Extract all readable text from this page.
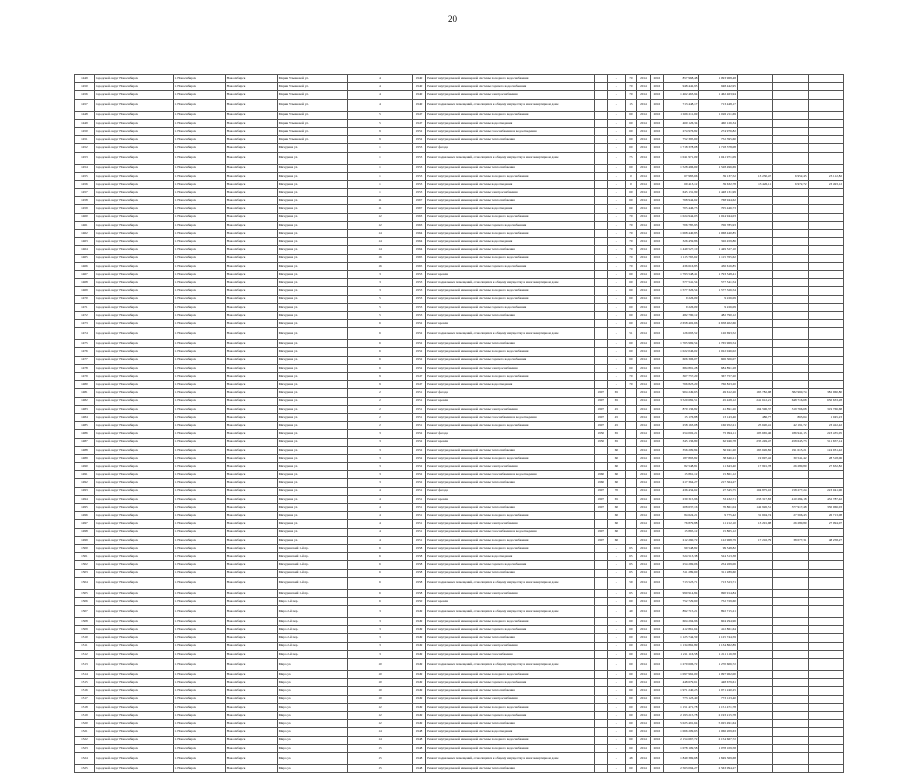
20
1449	городской округ Новосибирск	г. Новосибирск	Новосибирск	Марии Ульяновой ул.	4	1940	Ремонт внутридомовой инженерной системы холодного водоснабжения		-	70	2014	2016	857 968,48	1 093 968,48			
1450	городской округ Новосибирск	г. Новосибирск	Новосибирск	Марии Ульяновой ул.	4	1940	Ремонт внутридомовой инженерной системы горячего водоснабжения		-	70	2014	2016	948 442,95	948 442,95			
1456	городской округ Новосибирск	г. Новосибирск	Новосибирск	Марии Ульяновой ул.	4	1940	Ремонт внутридомовой инженерной системы электроснабжения		-	70	2014	2016	1 462 463,94	1 462 463,94			
1457	городской округ Новосибирск	г. Новосибирск	Новосибирск	Марии Ульяновой ул.	4	1940	Ремонт подвальных помещений, относящихся к общему имуществу в многоквартирном доме		-	15	2014	2016	713 448,17	713 448,17			
1448	городской округ Новосибирск	г. Новосибирск	Новосибирск	Марии Ульяновой ул.	5	1947	Ремонт внутридомовой инженерной системы холодного водоснабжения		-	60	2014	2016	1 026 211,69	1 026 211,69			
1449	городской округ Новосибирск	г. Новосибирск	Новосибирск	Марии Ульяновой ул.	5	1947	Ремонт внутридомовой инженерной системы водоотведения		-	60	2014	2016	460 126,34	460 126,34			
1450	городской округ Новосибирск	г. Новосибирск	Новосибирск	Марии Ульяновой ул.	9	1952	Ремонт внутридомовой инженерной системы газоснабжения и водоотведения		-	60	2014	2016	274 976,82	274 976,82			
1451	городской округ Новосибирск	г. Новосибирск	Новосибирск	Марии Ульяновой ул.	9	1952	Ремонт внутридомовой инженерной системы теплоснабжения		-	60	2014	2016	752 395,60	752 395,60			
1452	городской округ Новосибирск	г. Новосибирск	Новосибирск	Мичурина ул.	1	1953	Ремонт фасада		-	60	2014	2016	1 718 378,08	1 718 378,08			
1453	городской округ Новосибирск	г. Новосибирск	Новосибирск	Мичурина ул.	1	1953	Ремонт подвальных помещений, относящихся к общему имуществу в многоквартирном доме		-	75	2014	2016	1 041 971,09	1 041 971,09			
1454	городской округ Новосибирск	г. Новосибирск	Новосибирск	Мичурина ул.	1	1953	Ремонт внутридомовой инженерной системы теплоснабжения		-	60	2014	2016	1 528 496,69	1 528 496,69			
1455	городской округ Новосибирск	г. Новосибирск	Новосибирск	Мичурина ул.	1	1953	Ремонт внутридомовой инженерной системы холодного водоснабжения		-	0	2014	2016	67 983,66	39 137,52	13 230,47	6 952,45	23 112,82
1456	городской округ Новосибирск	г. Новосибирск	Новосибирск	Мичурина ул.	1	1953	Ремонт внутридомовой инженерной системы водоотведения		-	0	2014	2016	69 413,12	39 632,78	13 426,11	6 972,72	23 493,12
1457	городской округ Новосибирск	г. Новосибирск	Новосибирск	Мичурина ул.	1	1953	Ремонт внутридомовой инженерной системы электроснабжения		-	60	2014	2016	645 131,99	1 448 131,99			
1458	городской округ Новосибирск	г. Новосибирск	Новосибирск	Мичурина ул.	11	1967	Ремонт внутридомовой инженерной системы теплоснабжения		-	60	2014	2016	768 944,62	768 944,62			
1459	городской округ Новосибирск	г. Новосибирск	Новосибирск	Мичурина ул.	11	1967	Ремонт внутридомовой инженерной системы водоотведения		-	60	2014	2016	705 446,73	705 446,73			
1460	городской округ Новосибирск	г. Новосибирск	Новосибирск	Мичурина ул.	12	1963	Ремонт внутридомовой инженерной системы холодного водоснабжения		-	70	2014	2016	1 024 944,03	1 024 944,03			
1461	городской округ Новосибирск	г. Новосибирск	Новосибирск	Мичурина ул.	12	1963	Ремонт внутридомовой инженерной системы горячего водоснабжения		-	70	2014	2016	706 785,93	706 785,93			
1462	городской округ Новосибирск	г. Новосибирск	Новосибирск	Мичурина ул.	14	1964	Ремонт внутридомовой инженерной системы холодного водоснабжения		-	70	2014	2016	1 068 440,85	1 068 440,85			
1463	городской округ Новосибирск	г. Новосибирск	Новосибирск	Мичурина ул.	14	1964	Ремонт внутридомовой инженерной системы водоотведения		-	70	2014	2016	326 459,86	326 459,86			
1464	городской округ Новосибирск	г. Новосибирск	Новосибирск	Мичурина ул.	14	1964	Ремонт внутридомовой инженерной системы теплоснабжения		-	70	2014	2016	1 449 527,10	1 449 527,10			
1465	городской округ Новосибирск	г. Новосибирск	Новосибирск	Мичурина ул.	16	1965	Ремонт внутридомовой инженерной системы холодного водоснабжения		-	70	2014	2016	1 115 765,62	1 115 765,62			
1466	городской округ Новосибирск	г. Новосибирск	Новосибирск	Мичурина ул.	16	1965	Ремонт внутридомовой инженерной системы горячего водоснабжения		-	70	2014	2016	436 616,85	436 616,85			
1467	городской округ Новосибирск	г. Новосибирск	Новосибирск	Мичурина ул.	3	1953	Ремонт кровли		-	60	2014	2016	1 793 548,41	1 793 548,41			
1468	городской округ Новосибирск	г. Новосибирск	Новосибирск	Мичурина ул.	3	1953	Ремонт подвальных помещений, относящихся к общему имуществу в многоквартирном доме		-	60	2014	2016	577 541,54	577 541,54			
1469	городской округ Новосибирск	г. Новосибирск	Новосибирск	Мичурина ул.	3	1953	Ремонт внутридомовой инженерной системы холодного водоснабжения		-	60	2014	2016	1 577 326,54	1 577 326,54			
1470	городской округ Новосибирск	г. Новосибирск	Новосибирск	Мичурина ул.	5	1953	Ремонт внутридомовой инженерной системы холодного водоснабжения		-	60	2014	2016	9 226,09	9 226,09			
1471	городской округ Новосибирск	г. Новосибирск	Новосибирск	Мичурина ул.	5	1953	Ремонт внутридомовой инженерной системы горячего водоснабжения		-	60	2014	2016	9 226,09	9 226,09			
1472	городской округ Новосибирск	г. Новосибирск	Новосибирск	Мичурина ул.	5	1953	Ремонт внутридомовой инженерной системы теплоснабжения		-	60	2014	2016	482 790,12	482 790,12			
1473	городской округ Новосибирск	г. Новосибирск	Новосибирск	Мичурина ул.	6	1952	Ремонт кровли		-	60	2014	2016	2 658 402,66	2 658 402,66			
1474	городской округ Новосибирск	г. Новосибирск	Новосибирск	Мичурина ул.	6	1952	Ремонт подвальных помещений, относящихся к общему имуществу в многоквартирном доме		-	51	2014	2016	126 693,52	126 693,52			
1475	городской округ Новосибирск	г. Новосибирск	Новосибирск	Мичурина ул.	6	1952	Ремонт внутридомовой инженерной системы теплоснабжения		-	60	2014	2016	1 765 969,54	1 765 969,54			
1476	городской округ Новосибирск	г. Новосибирск	Новосибирск	Мичурина ул.	6	1952	Ремонт внутридомовой инженерной системы холодного водоснабжения		-	60	2014	2016	1 022 046,02	1 022 046,02			
1477	городской округ Новосибирск	г. Новосибирск	Новосибирск	Мичурина ул.	6	1952	Ремонт внутридомовой инженерной системы горячего водоснабжения		-	60	2014	2016	606 306,07	606 306,07			
1478	городской округ Новосибирск	г. Новосибирск	Новосибирск	Мичурина ул.	6	1952	Ремонт внутридомовой инженерной системы электроснабжения		-	60	2014	2016	684 891,28	684 891,28			
1479	городской округ Новосибирск	г. Новосибирск	Новосибирск	Мичурина ул.	9	1947	Ремонт внутридомовой инженерной системы холодного водоснабжения		-	70	2014	2016	367 757,20	367 757,20			
1480	городской округ Новосибирск	г. Новосибирск	Новосибирск	Мичурина ул.	9	1947	Ремонт внутридомовой инженерной системы водоотведения		-	70	2014	2016	766 823,20	766 823,20			
1481	городской округ Новосибирск	г. Новосибирск	Новосибирск	Мичурина ул.	2	1951	Ремонт фасада	1907	65		2014	2016	904 249,63	49 612,26	165 782,98	382 960,74	382 960,80
1482	городской округ Новосибирск	г. Новосибирск	Новосибирск	Мичурина ул.	2	1951	Ремонт кровли	1907	65		2014	2016	3 520 682,51	45 428,12	241 612,21	648 716,68	650 633,28
1483	городской округ Новосибирск	г. Новосибирск	Новосибирск	Мичурина ул.	2	1951	Ремонт внутридомовой инженерной системы электроснабжения	1907	45		2014	2016	870 136,82	41 891,26	194 596,37	319 766,68	319 766,68
1484	городской округ Новосибирск	г. Новосибирск	Новосибирск	Мичурина ул.	2	1951	Ремонт внутридомовой инженерной системы газоснабжения и водоотведения	1907	45		2014	2016	15 176,88	13 143,46	486,77	863,64	1 045,23
1485	городской округ Новосибирск	г. Новосибирск	Новосибирск	Мичурина ул.	2	1951	Ремонт внутридомовой инженерной системы холодного водоснабжения	1907	45		2014	2016	258 163,08	166 952,21	25 620,41	42 191,72	23 422,42
1486	городской округ Новосибирск	г. Новосибирск	Новосибирск	Мичурина ул.	3	1952	Ремонт фасада	1950	65		2014	2016	254 002,21	75 994,11	105 665,46	186 941,15	223 435,05
1487	городской округ Новосибирск	г. Новосибирск	Новосибирск	Мичурина ул.	3	1952	Ремонт кровли	1950	65		2014	2016	345 136,80	62 946,78	235 249,47	458 645,73	511 657,14
1488	городской округ Новосибирск	г. Новосибирск	Новосибирск	Мичурина ул.	3	1952	Ремонт внутридомовой инженерной системы теплоснабжения		60		2014	2016	356 209,84	56 041,20	165 626,82	191 615,21	124 931,42
1489	городской округ Новосибирск	г. Новосибирск	Новосибирск	Мичурина ул.	3	1952	Ремонт внутридомовой инженерной системы холодного водоснабжения		60		2014	2016	187 893,82	38 646,21	19 697,42	30 541,42	28 518,06
1490	городской округ Новосибирск	г. Новосибирск	Новосибирск	Мичурина ул.	3	1952	Ремонт внутридомовой инженерной системы электроснабжения		60		2014	2016	82 548,81	11 643,40	17 991,78	26 280,80	27 632,82
1491	городской округ Новосибирск	г. Новосибирск	Новосибирск	Мичурина ул.	3	1952	Ремонт внутридомовой инженерной системы газоснабжения и водоотведения	1960	60		2014	2016	15 861,12	15 861,12			
1492	городской округ Новосибирск	г. Новосибирск	Новосибирск	Мичурина ул.	3	1952	Ремонт внутридомовой инженерной системы теплоснабжения	1960	60		2014	2016	217 364,27	217 364,27			
1493	городской округ Новосибирск	г. Новосибирск	Новосибирск	Мичурина ул.	4	1951	Ремонт фасада	1907	70		2014	2016	436 434,62	27 345,75	104 875,10	158 277,24	223 041,96
1494	городской округ Новосибирск	г. Новосибирск	Новосибирск	Мичурина ул.	4	1951	Ремонт кровли	1907	65		2014	2016	230 315,96	53 432,71	233 317,83	410 284,18	432 787,42
1495	городской округ Новосибирск	г. Новосибирск	Новосибирск	Мичурина ул.	4	1951	Ремонт внутридомовой инженерной системы теплоснабжения	1907	60		2014	2016	208 637,16	76 861,04	142 926,51	377 917,48	330 066,03
1496	городской округ Новосибирск	г. Новосибирск	Новосибирск	Мичурина ул.	4	1951	Ремонт внутридомовой инженерной системы холодного водоснабжения		60		2014	2016	84 624,21	9 775,42	31 604,74	27 566,43	26 713,08
1497	городской округ Новосибирск	г. Новосибирск	Новосибирск	Мичурина ул.	4	1951	Ремонт внутридомовой инженерной системы электроснабжения		60		2014	2016	76 879,88	11 212,10	13 291,98	26 280,80	27 094,07
1498	городской округ Новосибирск	г. Новосибирск	Новосибирск	Мичурина ул.	4	1951	Ремонт внутридомовой инженерной системы газоснабжения и водоотведения	1907	60		2014	2016	15 865,12	15 865,12			
1499	городской округ Новосибирск	г. Новосибирск	Новосибирск	Мичурина ул.	4	1951	Ремонт внутридомовой инженерной системы холодного водоснабжения	1907	60		2014	2016	212 260,72	122 968,79	17 216,79	38 077,31	48 258,27
1500	городской округ Новосибирск	г. Новосибирск	Новосибирск	Мичуринский 1-й пр.	6	1958	Ремонт внутридомовой инженерной системы холодного водоснабжения		-	65	2014	2016	99 548,82	99 548,82			
1501	городской округ Новосибирск	г. Новосибирск	Новосибирск	Мичуринский 1-й пр.	6	1958	Ремонт внутридомовой инженерной системы водоотведения		-	65	2014	2016	524 513,38	524 513,38			
1502	городской округ Новосибирск	г. Новосибирск	Новосибирск	Мичуринский 1-й пр.	6	1958	Ремонт внутридомовой инженерной системы горячего водоснабжения		-	65	2014	2016	254 269,06	254 269,06			
1503	городской округ Новосибирск	г. Новосибирск	Новосибирск	Мичуринский 1-й пр.	6	1958	Ремонт внутридомовой инженерной системы теплоснабжения		-	65	2014	2016	311 289,60	311 289,60			
1504	городской округ Новосибирск	г. Новосибирск	Новосибирск	Мичуринский 1-й пр.	6	1958	Ремонт подвальных помещений, относящихся к общему имуществу в многоквартирном доме		-	59	2014	2016	713 523,71	713 523,71			
1505	городской округ Новосибирск	г. Новосибирск	Новосибирск	Мичуринский 1-й пр.	6	1958	Ремонт внутридомовой инженерной системы электроснабжения		-	65	2014	2016	990 914,84	990 914,84			
1506	городской округ Новосибирск	г. Новосибирск	Новосибирск	Мира 1-й пер.	6	1950	Ремонт кровли		-	60	2014	2016	752 729,60	752 729,60			
1507	городской округ Новосибирск	г. Новосибирск	Новосибирск	Мира 2-й пер.	3	1949	Ремонт подвальных помещений, относящихся к общему имуществу в многоквартирном доме		-	49	2014	2016	892 715,21	892 715,21			
1508	городской округ Новосибирск	г. Новосибирск	Новосибирск	Мира 2-й пер.	3	1949	Ремонт внутридомовой инженерной системы холодного водоснабжения		-	60	2014	2016	604 294,96	604 294,96			
1509	городской округ Новосибирск	г. Новосибирск	Новосибирск	Мира 2-й пер.	3	1949	Ремонт внутридомовой инженерной системы горячего водоснабжения		-	60	2014	2016	412 861,64	412 861,64			
1510	городской округ Новосибирск	г. Новосибирск	Новосибирск	Мира 2-й пер.	3	1949	Ремонт внутридомовой инженерной системы теплоснабжения		-	60	2014	2016	1 125 744,59	1 125 744,59			
1511	городской округ Новосибирск	г. Новосибирск	Новосибирск	Мира 2-й пер.	3	1949	Ремонт внутридомовой инженерной системы электроснабжения		-	60	2014	2016	1 134 862,89	1 134 862,89			
1512	городской округ Новосибирск	г. Новосибирск	Новосибирск	Мира 2-й пер.	3	1949	Ремонт внутридомовой инженерной системы газоснабжения		-	60	2014	2016	1 211 116,58	1 211 116,58			
1513	городской округ Новосибирск	г. Новосибирск	Новосибирск	Мира ул.	10	1949	Ремонт подвальных помещений, относящихся к общему имуществу в многоквартирном доме		-	60	2014	2016	1 270 606,72	1 270 606,72			
1514	городской округ Новосибирск	г. Новосибирск	Новосибирск	Мира ул.	10	1949	Ремонт внутридомовой инженерной системы холодного водоснабжения		-	60	2014	2016	1 097 962,00	1 097 962,00			
1515	городской округ Новосибирск	г. Новосибирск	Новосибирск	Мира ул.	10	1949	Ремонт внутридомовой инженерной системы горячего водоснабжения		-	60	2014	2016	448 679,61	448 679,61			
1516	городской округ Новосибирск	г. Новосибирск	Новосибирск	Мира ул.	10	1949	Ремонт внутридомовой инженерной системы теплоснабжения		-	60	2014	2016	1 971 240,25	1 971 240,25			
1517	городской округ Новосибирск	г. Новосибирск	Новосибирск	Мира ул.	10	1949	Ремонт внутридомовой инженерной системы электроснабжения		-	60	2014	2016	773 123,40	773 123,40			
1518	городской округ Новосибирск	г. Новосибирск	Новосибирск	Мира ул.	12	1949	Ремонт внутридомовой инженерной системы холодного водоснабжения		-	60	2014	2016	1 151 471,78	1 151 471,78			
1519	городской округ Новосибирск	г. Новосибирск	Новосибирск	Мира ул.	12	1949	Ремонт внутридомовой инженерной системы горячего водоснабжения		-	60	2014	2016	2 193 215,78	2 193 215,78			
1520	городской округ Новосибирск	г. Новосибирск	Новосибирск	Мира ул.	12	1949	Ремонт внутридомовой инженерной системы теплоснабжения		-	60	2014	2016	5 025 491,64	5 025 491,64			
1521	городской округ Новосибирск	г. Новосибирск	Новосибирск	Мира ул.	14	1948	Ремонт внутридомовой инженерной системы водоотведения		-	60	2014	2016	1 066 209,63	1 066 209,63			
1522	городской округ Новосибирск	г. Новосибирск	Новосибирск	Мира ул.	14	1948	Ремонт внутридомовой инженерной системы холодного водоснабжения		-	60	2014	2016	2 154 667,72	2 154 667,72			
1523	городской округ Новосибирск	г. Новосибирск	Новосибирск	Мира ул.	15	1948	Ремонт внутридомовой инженерной системы холодного водоснабжения		-	60	2014	2016	1 078 109,58	1 078 109,58			
1524	городской округ Новосибирск	г. Новосибирск	Новосибирск	Мира ул.	15	1948	Ремонт подвальных помещений, относящихся к общему имуществу в многоквартирном доме		-	48	2014	2016	1 849 369,68	1 849 369,68			
1525	городской округ Новосибирск	г. Новосибирск	Новосибирск	Мира ул.	15	1948	Ремонт внутридомовой инженерной системы теплоснабжения		-	60	2014	2016	2 563 094,27	2 563 094,27			
